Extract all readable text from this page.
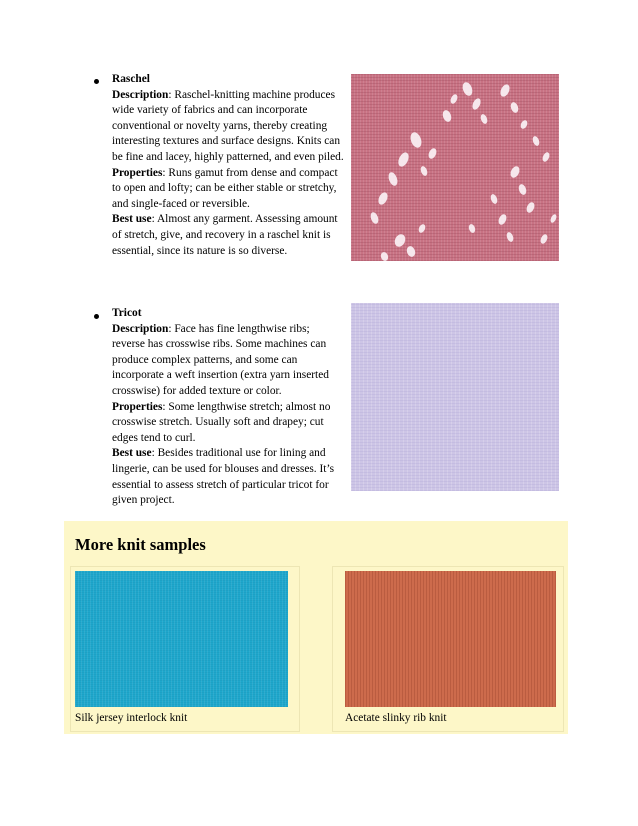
Raschel

Description: Raschel-knitting machine produces wide variety of fabrics and can incorporate conventional or novelty yarns, thereby creating interesting textures and surface designs. Knits can be fine and lacey, highly patterned, and even piled.

Properties: Runs gamut from dense and compact to open and lofty; can be either stable or stretchy, and single-faced or reversible.

Best use: Almost any garment. Assessing amount of stretch, give, and recovery in a raschel knit is essential, since its nature is so diverse.

Tricot

Description: Face has fine lengthwise ribs; reverse has crosswise ribs. Some machines can produce complex patterns, and some can incorporate a weft insertion (extra yarn inserted crosswise) for added texture or color.

Properties: Some lengthwise stretch; almost no crosswise stretch. Usually soft and drapey; cut edges tend to curl.

Best use: Besides traditional use for lining and lingerie, can be used for blouses and dresses. It’s essential to assess stretch of particular tricot for given project.

More knit samples
Silk jersey interlock knit	Acetate slinky rib knit
